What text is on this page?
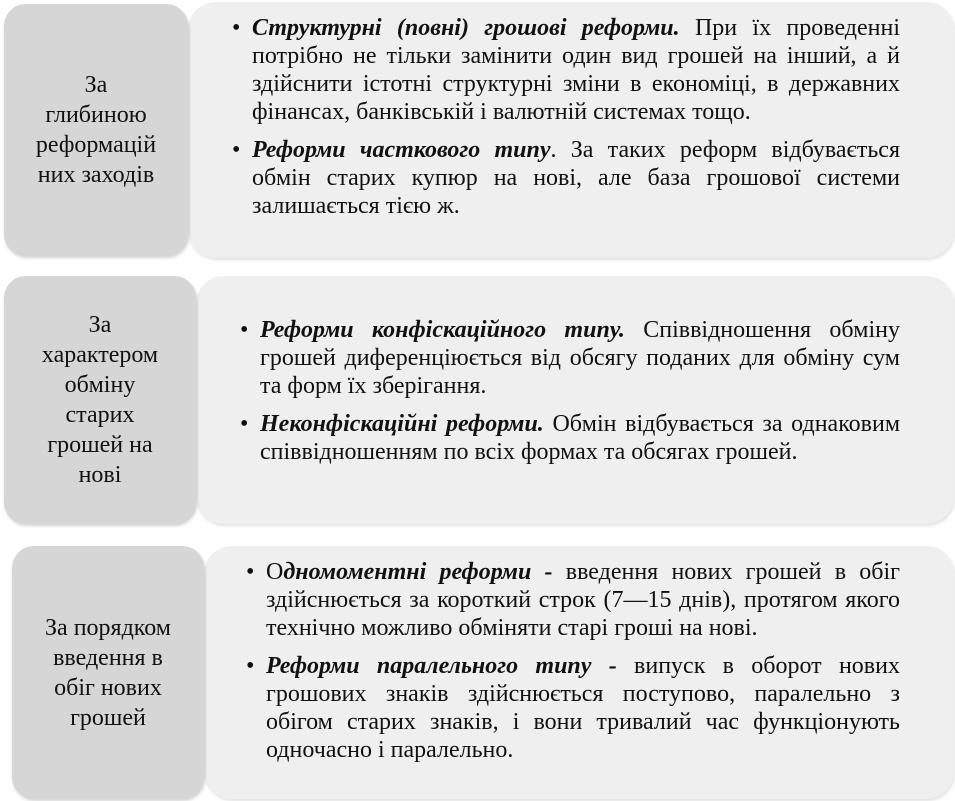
• Структурні (повні) грошові реформи. При їх проведенні потрібно не тільки замінити один вид грошей на інший, а й здійснити істотні структурні зміни в економіці, в державних фінансах, банківській і валютній системах тощо.
• Реформи часткового типу. За таких реформ відбувається обмін старих купюр на нові, але база грошової системи залишається тією ж.
За
глибиною
реформацій
них заходів
• Реформи конфіскаційного типу. Співвідношення обміну грошей диференціюється від обсягу поданих для обміну сум та форм їх зберігання.
• Неконфіскаційні реформи. Обмін відбувається за однаковим співвідношенням по всіх формах та обсягах грошей.
За
характером
обміну
старих
грошей на
нові
• Одномоментні реформи - введення нових грошей в обіг здійснюється за короткий строк (7—15 днів), протягом якого технічно можливо обміняти старі гроші на нові.
• Реформи паралельного типу - випуск в оборот нових грошових знаків здійснюється поступово, паралельно з обігом старих знаків, і вони тривалий час функціонують одночасно і паралельно.
За порядком
введення в
обіг нових
грошей
